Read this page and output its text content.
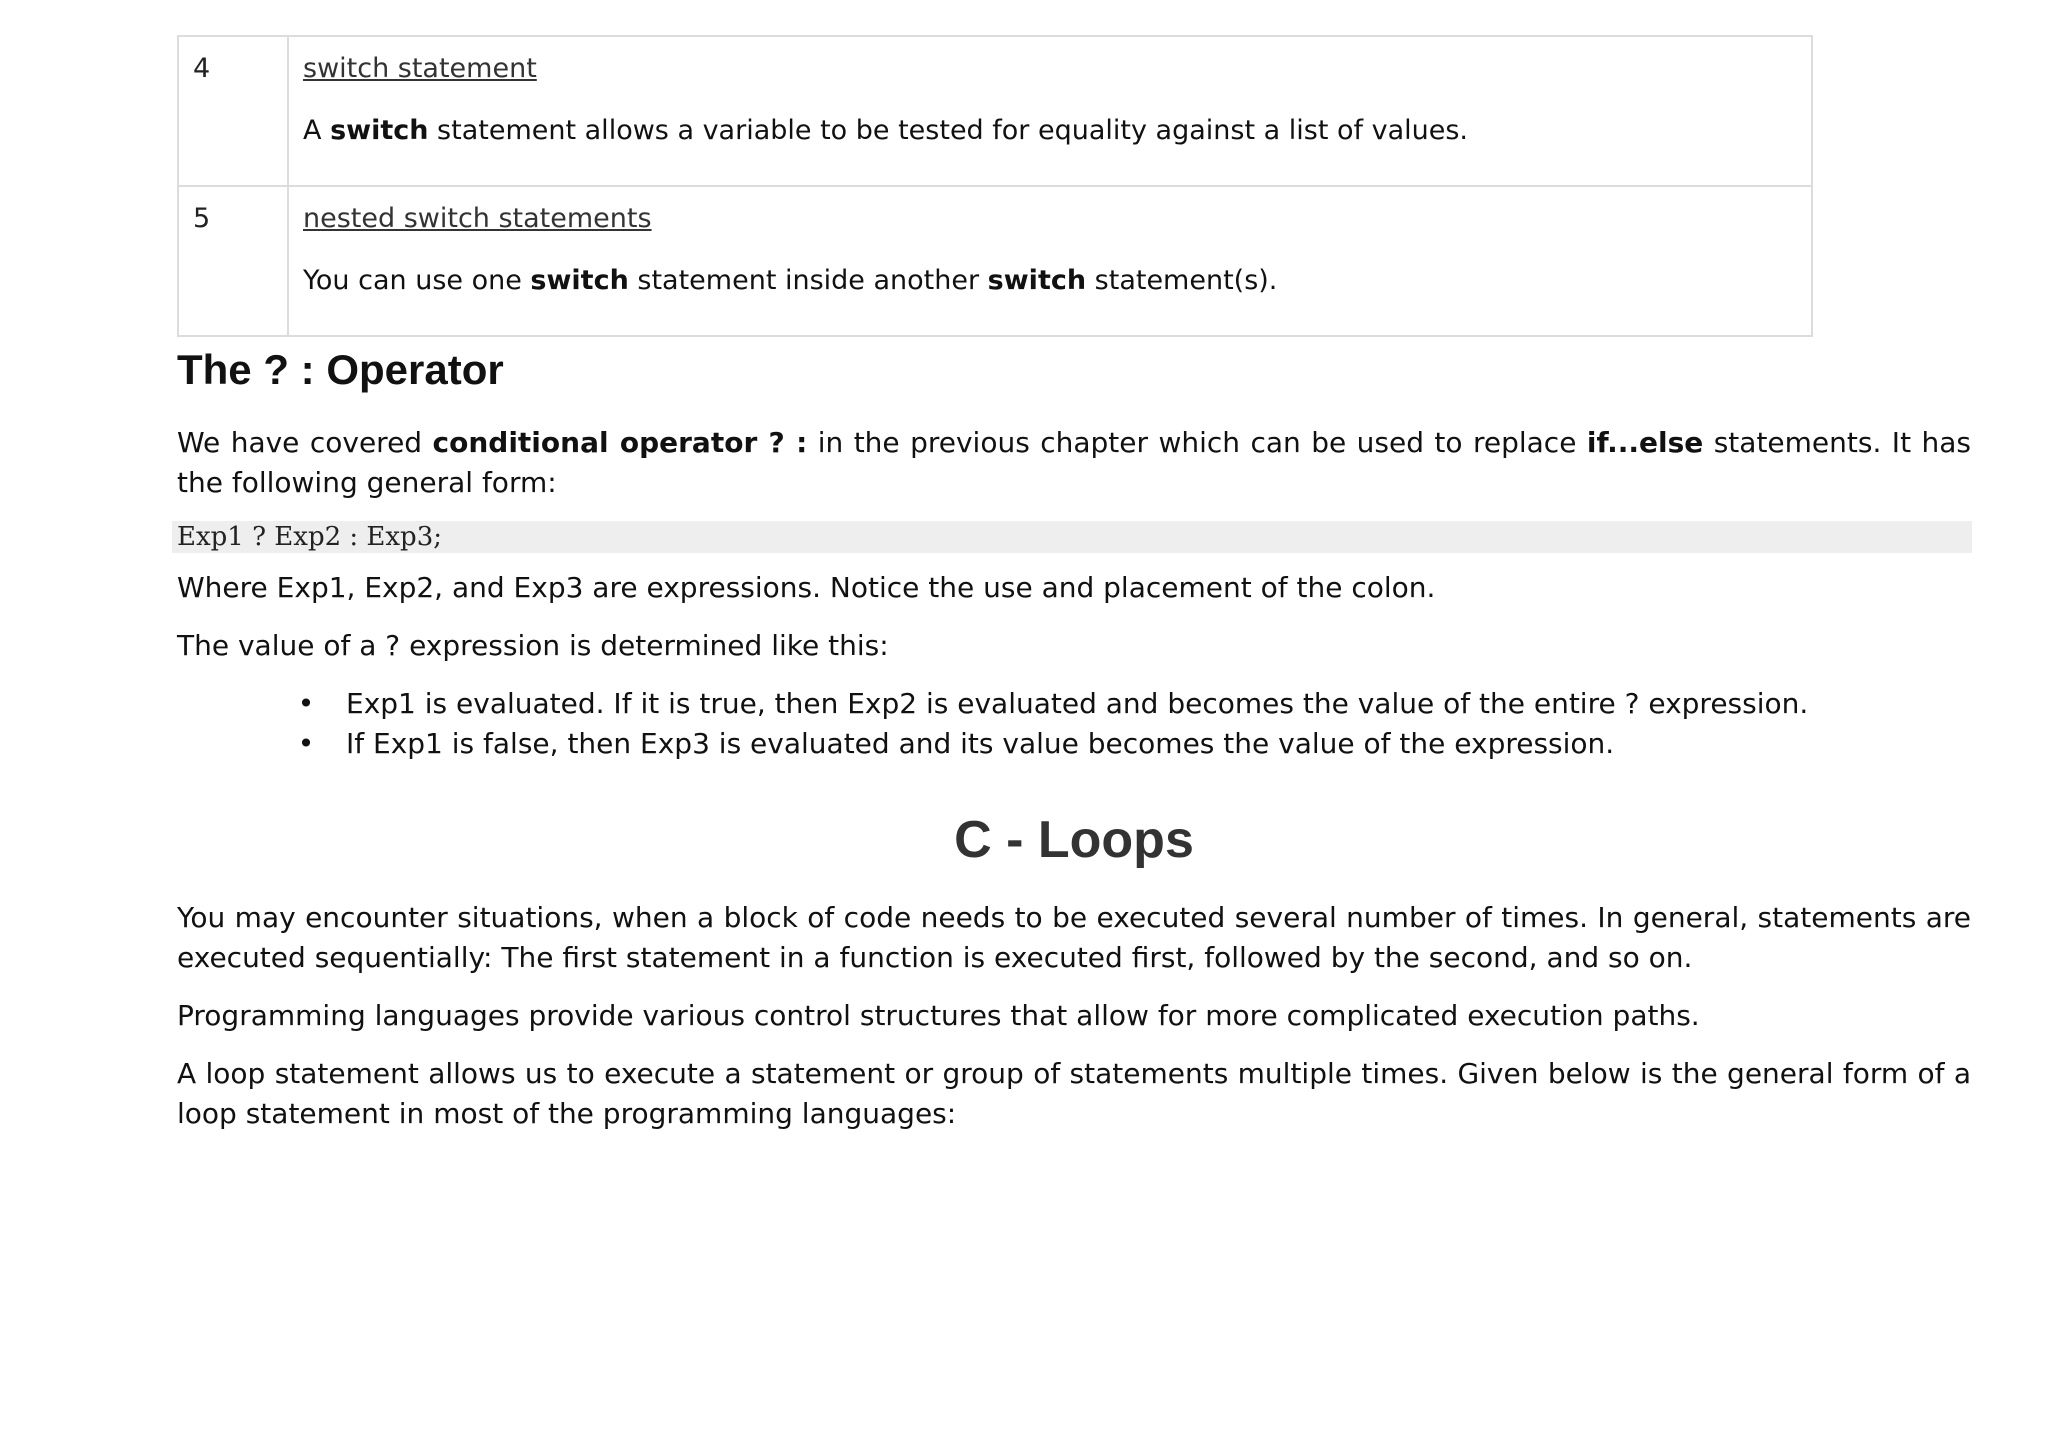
4	switch statement
A switch statement allows a variable to be tested for equality against a list of values.

5	nested switch statements
You can use one switch statement inside another switch statement(s).
The ? : Operator

We have covered conditional operator ? : in the previous chapter which can be used to replace if...else statements. It has the following general form:

Exp1 ? Exp2 : Exp3;

Where Exp1, Exp2, and Exp3 are expressions. Notice the use and placement of the colon.

The value of a ? expression is determined like this:

• Exp1 is evaluated. If it is true, then Exp2 is evaluated and becomes the value of the entire ? expression.
• If Exp1 is false, then Exp3 is evaluated and its value becomes the value of the expression.
C - Loops

You may encounter situations, when a block of code needs to be executed several number of times. In general, statements are executed sequentially: The first statement in a function is executed first, followed by the second, and so on.

Programming languages provide various control structures that allow for more complicated execution paths.

A loop statement allows us to execute a statement or group of statements multiple times. Given below is the general form of a loop statement in most of the programming languages:
